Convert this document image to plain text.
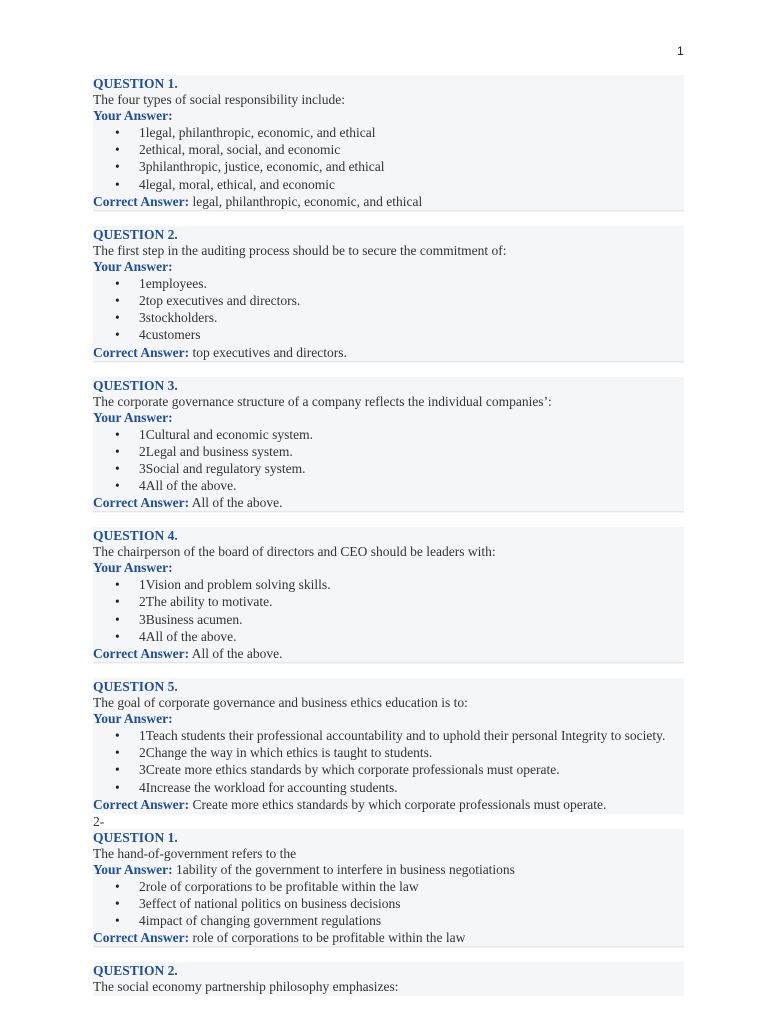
1
QUESTION 1.
The four types of social responsibility include:
Your Answer:
• 1legal, philanthropic, economic, and ethical
• 2ethical, moral, social, and economic
• 3philanthropic, justice, economic, and ethical
• 4legal, moral, ethical, and economic
Correct Answer: legal, philanthropic, economic, and ethical
QUESTION 2.
The first step in the auditing process should be to secure the commitment of:
Your Answer:
• 1employees.
• 2top executives and directors.
• 3stockholders.
• 4customers
Correct Answer: top executives and directors.
QUESTION 3.
The corporate governance structure of a company reflects the individual companies’:
Your Answer:
• 1Cultural and economic system.
• 2Legal and business system.
• 3Social and regulatory system.
• 4All of the above.
Correct Answer: All of the above.
QUESTION 4.
The chairperson of the board of directors and CEO should be leaders with:
Your Answer:
• 1Vision and problem solving skills.
• 2The ability to motivate.
• 3Business acumen.
• 4All of the above.
Correct Answer: All of the above.
QUESTION 5.
The goal of corporate governance and business ethics education is to:
Your Answer:
• 1Teach students their professional accountability and to uphold their personal Integrity to society.
• 2Change the way in which ethics is taught to students.
• 3Create more ethics standards by which corporate professionals must operate.
• 4Increase the workload for accounting students.
Correct Answer: Create more ethics standards by which corporate professionals must operate.
2-
QUESTION 1.
The hand-of-government refers to the
Your Answer: 1ability of the government to interfere in business negotiations
• 2role of corporations to be profitable within the law
• 3effect of national politics on business decisions
• 4impact of changing government regulations
Correct Answer: role of corporations to be profitable within the law
QUESTION 2.
The social economy partnership philosophy emphasizes:
